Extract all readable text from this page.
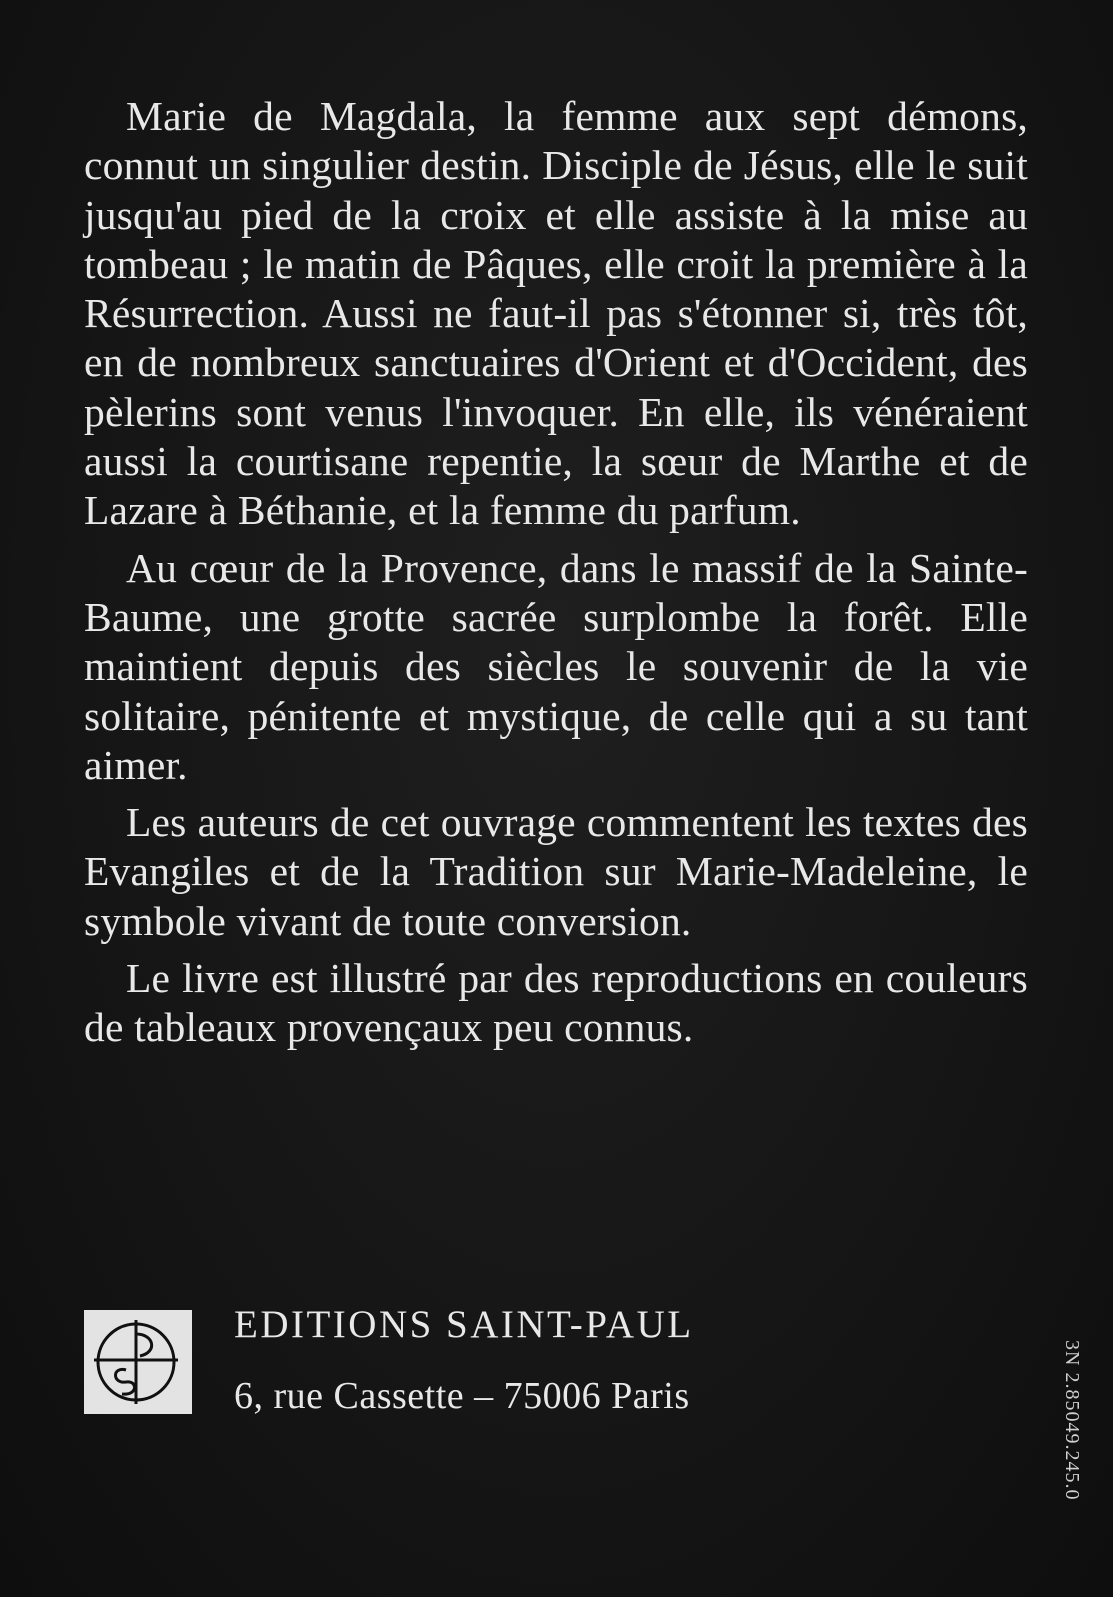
Marie de Magdala, la femme aux sept démons, connut un singulier destin. Disciple de Jésus, elle le suit jusqu'au pied de la croix et elle assiste à la mise au tombeau ; le matin de Pâques, elle croit la première à la Résurrection. Aussi ne faut-il pas s'étonner si, très tôt, en de nombreux sanctuaires d'Orient et d'Occident, des pèlerins sont venus l'invoquer. En elle, ils vénéraient aussi la courtisane repentie, la sœur de Marthe et de Lazare à Béthanie, et la femme du parfum.

Au cœur de la Provence, dans le massif de la Sainte-Baume, une grotte sacrée surplombe la forêt. Elle maintient depuis des siècles le souvenir de la vie solitaire, pénitente et mystique, de celle qui a su tant aimer.

Les auteurs de cet ouvrage commentent les textes des Evangiles et de la Tradition sur Marie-Madeleine, le symbole vivant de toute conversion.

Le livre est illustré par des reproductions en couleurs de tableaux provençaux peu connus.

EDITIONS SAINT-PAUL
6, rue Cassette – 75006 Paris	3N 2.85049.245.0
